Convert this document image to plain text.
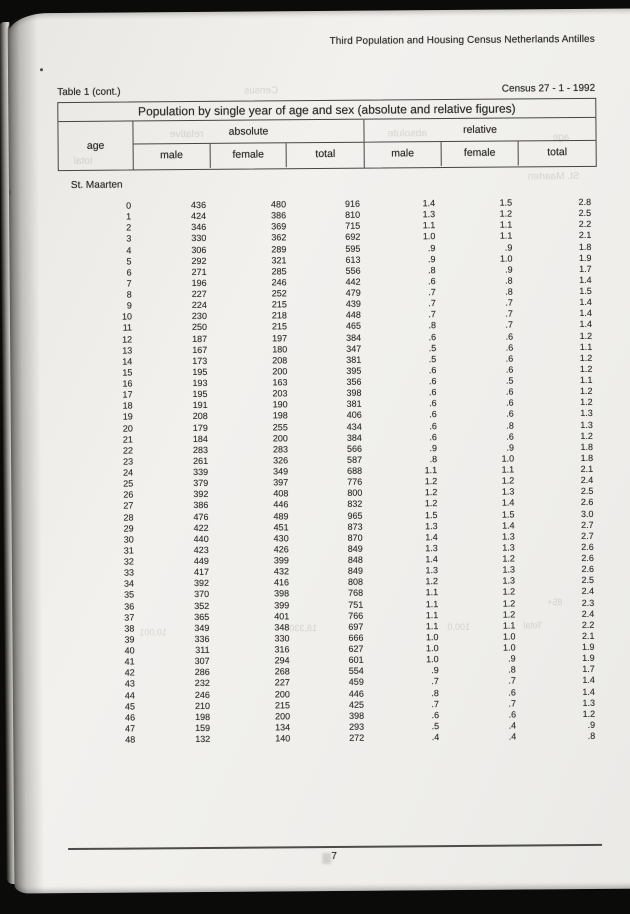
Census
relative	absolute	age
total
St. Maarten
85+
Total
18,330
10,001
100.0
Third Population and Housing Census Netherlands Antilles
Table 1 (cont.)	Census 27 - 1 - 1992
Population by single year of age and sex (absolute and relative figures)
age
absolute
male	female	total
relative
male	female	total
St. Maarten
0	436	480	916	1.4	1.5	2.8
1	424	386	810	1.3	1.2	2.5
2	346	369	715	1.1	1.1	2.2
3	330	362	692	1.0	1.1	2.1
4	306	289	595	.9	.9	1.8
5	292	321	613	.9	1.0	1.9
6	271	285	556	.8	.9	1.7
7	196	246	442	.6	.8	1.4
8	227	252	479	.7	.8	1.5
9	224	215	439	.7	.7	1.4
10	230	218	448	.7	.7	1.4
11	250	215	465	.8	.7	1.4
12	187	197	384	.6	.6	1.2
13	167	180	347	.5	.6	1.1
14	173	208	381	.5	.6	1.2
15	195	200	395	.6	.6	1.2
16	193	163	356	.6	.5	1.1
17	195	203	398	.6	.6	1.2
18	191	190	381	.6	.6	1.2
19	208	198	406	.6	.6	1.3
20	179	255	434	.6	.8	1.3
21	184	200	384	.6	.6	1.2
22	283	283	566	.9	.9	1.8
23	261	326	587	.8	1.0	1.8
24	339	349	688	1.1	1.1	2.1
25	379	397	776	1.2	1.2	2.4
26	392	408	800	1.2	1.3	2.5
27	386	446	832	1.2	1.4	2.6
28	476	489	965	1.5	1.5	3.0
29	422	451	873	1.3	1.4	2.7
30	440	430	870	1.4	1.3	2.7
31	423	426	849	1.3	1.3	2.6
32	449	399	848	1.4	1.2	2.6
33	417	432	849	1.3	1.3	2.6
34	392	416	808	1.2	1.3	2.5
35	370	398	768	1.1	1.2	2.4
36	352	399	751	1.1	1.2	2.3
37	365	401	766	1.1	1.2	2.4
38	349	348	697	1.1	1.1	2.2
39	336	330	666	1.0	1.0	2.1
40	311	316	627	1.0	1.0	1.9
41	307	294	601	1.0	.9	1.9
42	286	268	554	.9	.8	1.7
43	232	227	459	.7	.7	1.4
44	246	200	446	.8	.6	1.4
45	210	215	425	.7	.7	1.3
46	198	200	398	.6	.6	1.2
47	159	134	293	.5	.4	.9
48	132	140	272	.4	.4	.8
7
